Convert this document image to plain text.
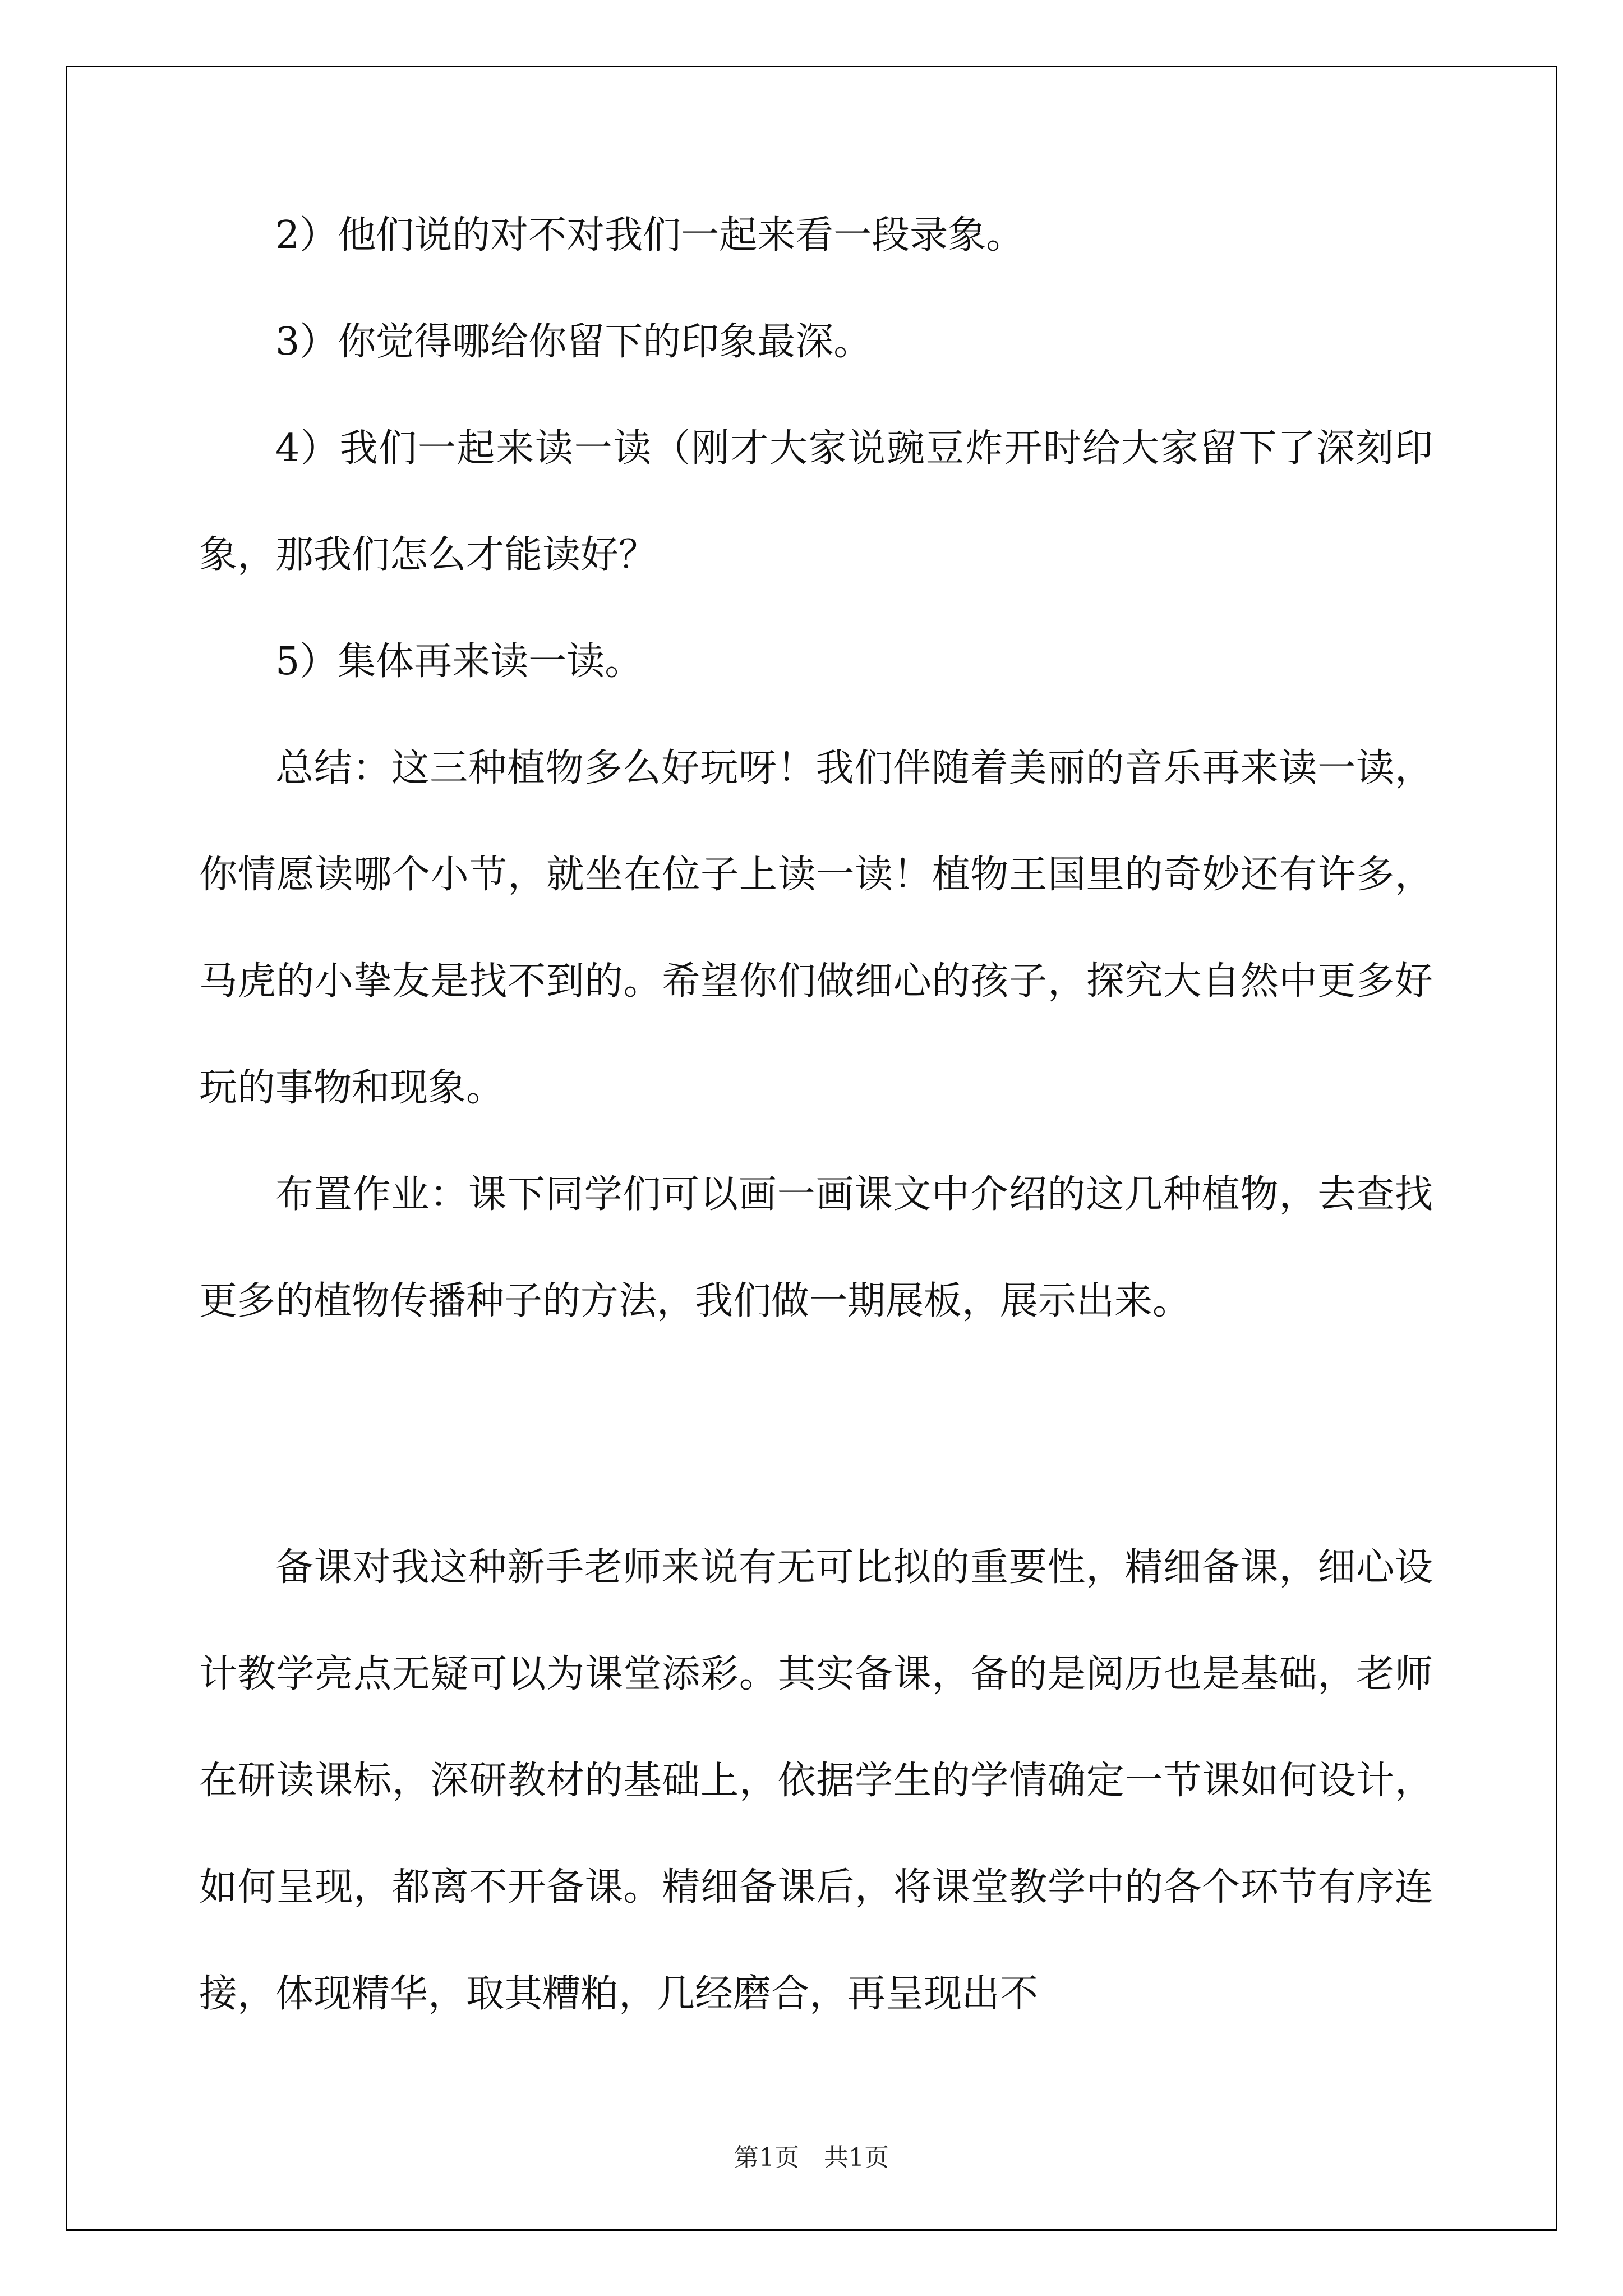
2）他们说的对不对我们一起来看一段录象。

3）你觉得哪给你留下的印象最深。

4）我们一起来读一读（刚才大家说豌豆炸开时给大家留下了深刻印象，那我们怎么才能读好？

5）集体再来读一读。

总结：这三种植物多么好玩呀！我们伴随着美丽的音乐再来读一读，你情愿读哪个小节，就坐在位子上读一读！植物王国里的奇妙还有许多，马虎的小挚友是找不到的。希望你们做细心的孩子，探究大自然中更多好玩的事物和现象。

布置作业：课下同学们可以画一画课文中介绍的这几种植物，去查找更多的植物传播种子的方法，我们做一期展板，展示出来。

备课对我这种新手老师来说有无可比拟的重要性，精细备课，细心设计教学亮点无疑可以为课堂添彩。其实备课，备的是阅历也是基础，老师在研读课标，深研教材的基础上，依据学生的学情确定一节课如何设计，如何呈现，都离不开备课。精细备课后，将课堂教学中的各个环节有序连接，体现精华，取其糟粕，几经磨合，再呈现出不

第1页　共1页
